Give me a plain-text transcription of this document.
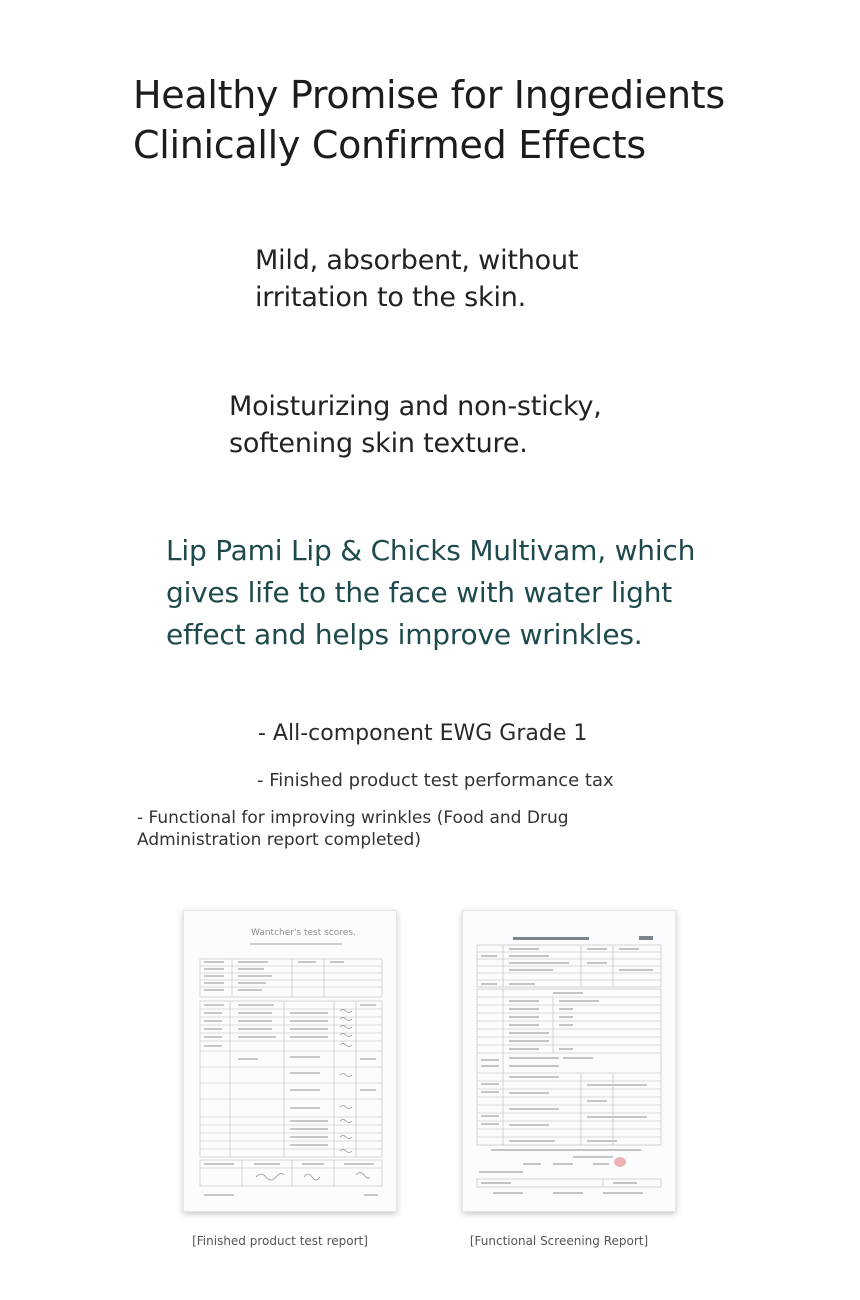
Healthy Promise for Ingredients
Clinically Confirmed Effects

Mild, absorbent, without
irritation to the skin.

Moisturizing and non-sticky,
softening skin texture.

Lip Pami Lip & Chicks Multivam, which
gives life to the face with water light
effect and helps improve wrinkles.

- All-component EWG Grade 1

- Finished product test performance tax

- Functional for improving wrinkles (Food and Drug Administration report completed)

Wantcher's test scores.
[Finished product test report]	[Functional Screening Report]
